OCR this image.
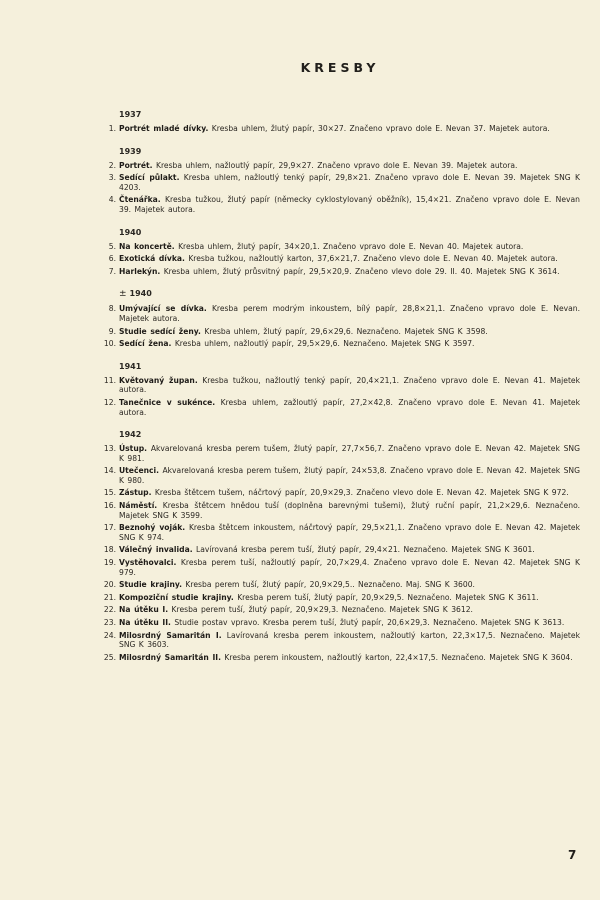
KRESBY
1937
1. Portrét mladé dívky. Kresba uhlem, žlutý papír, 30×27. Značeno vpravo dole E. Nevan 37. Majetek autora.
1939
2. Portrét. Kresba uhlem, nažloutlý papír, 29,9×27. Značeno vpravo dole E. Nevan 39. Majetek autora.
3. Sedící půlakt. Kresba uhlem, nažloutlý tenký papír, 29,8×21. Značeno vpravo dole E. Nevan 39. Majetek SNG K 4203.
4. Čtenářka. Kresba tužkou, žlutý papír (německy cyklostylovaný oběžník), 15,4×21. Značeno vpravo dole E. Nevan 39. Majetek autora.
1940
5. Na koncertě. Kresba uhlem, žlutý papír, 34×20,1. Značeno vpravo dole E. Nevan 40. Majetek autora.
6. Exotická dívka. Kresba tužkou, nažloutlý karton, 37,6×21,7. Značeno vlevo dole E. Nevan 40. Majetek autora.
7. Harlekýn. Kresba uhlem, žlutý průsvitný papír, 29,5×20,9. Značeno vlevo dole 29. II. 40. Majetek SNG K 3614.
± 1940
8. Umývající se dívka. Kresba perem modrým inkoustem, bílý papír, 28,8×21,1. Značeno vpravo dole E. Nevan. Majetek autora.
9. Studie sedící ženy. Kresba uhlem, žlutý papír, 29,6×29,6. Neznačeno. Majetek SNG K 3598.
10. Sedící žena. Kresba uhlem, nažloutlý papír, 29,5×29,6. Neznačeno. Majetek SNG K 3597.
1941
11. Květovaný župan. Kresba tužkou, nažloutlý tenký papír, 20,4×21,1. Značeno vpravo dole E. Nevan 41. Majetek autora.
12. Tanečnice v sukénce. Kresba uhlem, zažloutlý papír, 27,2×42,8. Značeno vpravo dole E. Nevan 41. Majetek autora.
1942
13. Ústup. Akvarelovaná kresba perem tušem, žlutý papír, 27,7×56,7. Značeno vpravo dole E. Nevan 42. Majetek SNG K 981.
14. Utečenci. Akvarelovaná kresba perem tušem, žlutý papír, 24×53,8. Značeno vpravo dole E. Nevan 42. Majetek SNG K 980.
15. Zástup. Kresba štětcem tušem, náčrtový papír, 20,9×29,3. Značeno vlevo dole E. Nevan 42. Majetek SNG K 972.
16. Náměstí. Kresba štětcem hnědou tuší (doplněna barevnými tušemi), žlutý ruční papír, 21,2×29,6. Neznačeno. Majetek SNG K 3599.
17. Beznohý voják. Kresba štětcem inkoustem, náčrtový papír, 29,5×21,1. Značeno vpravo dole E. Nevan 42. Majetek SNG K 974.
18. Válečný invalida. Lavírovaná kresba perem tuší, žlutý papír, 29,4×21. Neznačeno. Majetek SNG K 3601.
19. Vystěhovalci. Kresba perem tuší, nažloutlý papír, 20,7×29,4. Značeno vpravo dole E. Nevan 42. Majetek SNG K 979.
20. Studie krajiny. Kresba perem tuší, žlutý papír, 20,9×29,5.. Neznačeno. Maj. SNG K 3600.
21. Kompoziční studie krajiny. Kresba perem tuší, žlutý papír, 20,9×29,5. Neznačeno. Majetek SNG K 3611.
22. Na útěku I. Kresba perem tuší, žlutý papír, 20,9×29,3. Neznačeno. Majetek SNG K 3612.
23. Na útěku II. Studie postav vpravo. Kresba perem tuší, žlutý papír, 20,6×29,3. Neznačeno. Majetek SNG K 3613.
24. Milosrdný Samaritán I. Lavírovaná kresba perem inkoustem, nažloutlý karton, 22,3×17,5. Neznačeno. Majetek SNG K 3603.
25. Milosrdný Samaritán II. Kresba perem inkoustem, nažloutlý karton, 22,4×17,5. Neznačeno. Majetek SNG K 3604.
7
